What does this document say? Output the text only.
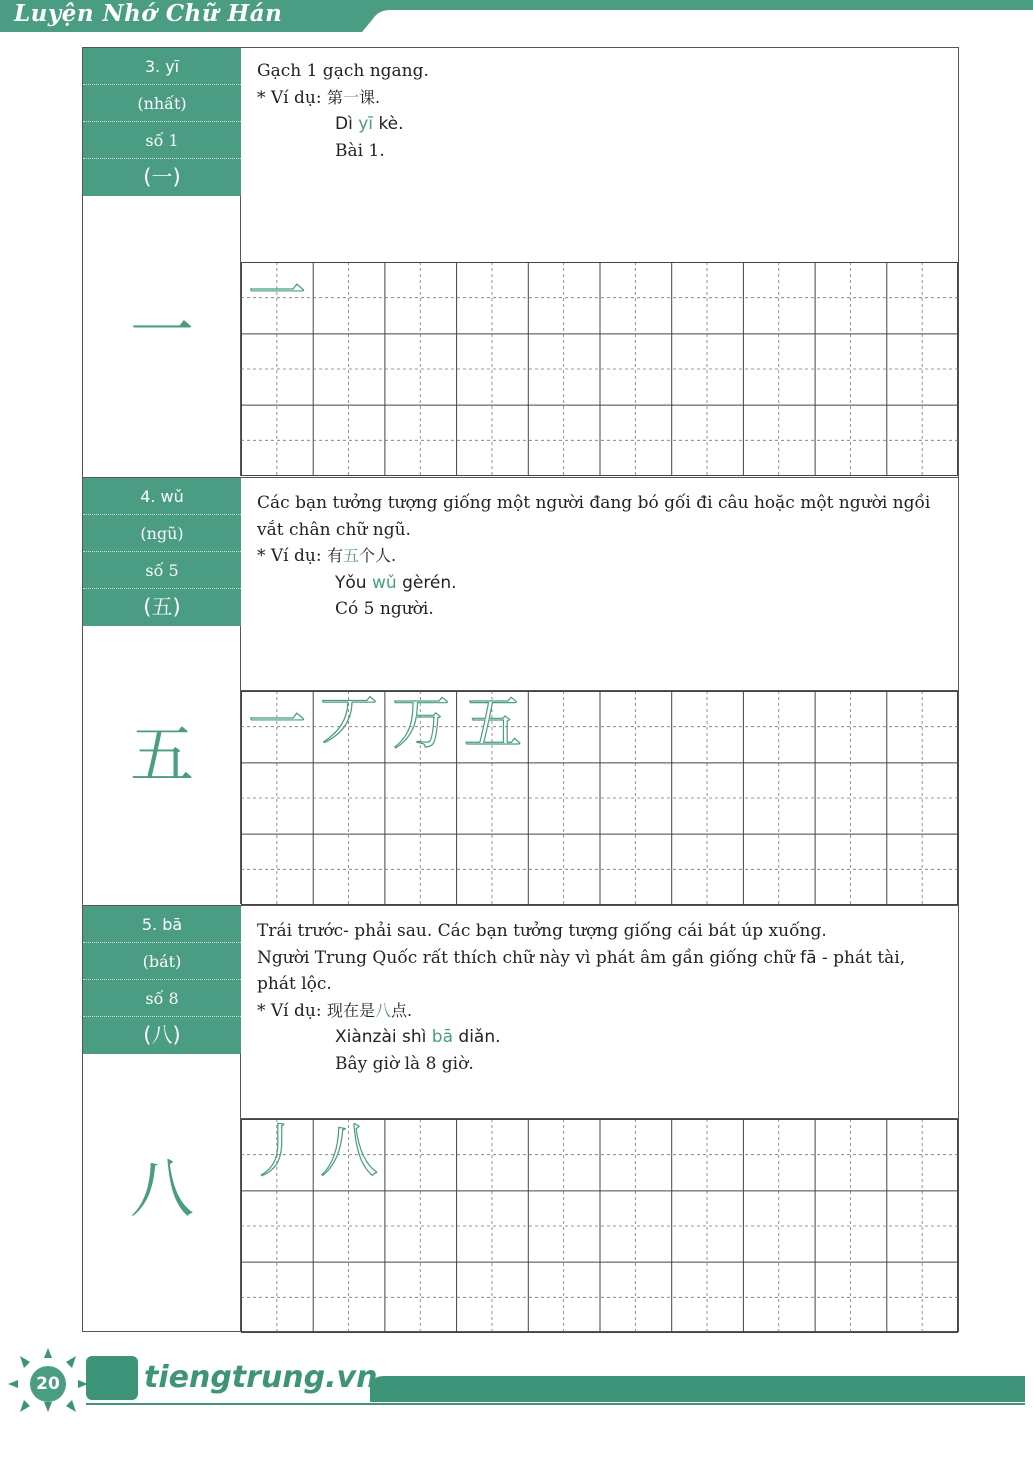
Luyện Nhớ Chữ Hán
3. yī
(nhất)
số 1
(一)
一
Gạch 1 gạch ngang.
* Ví dụ: 第一课.
Dì yī kè.
Bài 1.
一
4. wǔ
(ngũ)
số 5
(五)
五
Các bạn tưởng tượng giống một người đang bó gối đi câu hoặc một người ngồi
vắt chân chữ ngũ.
* Ví dụ: 有五个人.
Yǒu wǔ gèrén.
Có 5 người.
一 丆 万 五
5. bā
(bát)
số 8
(八)
八
Trái trước- phải sau. Các bạn tưởng tượng giống cái bát úp xuống.
Người Trung Quốc rất thích chữ này vì phát âm gần giống chữ fā - phát tài,
phát lộc.
* Ví dụ: 现在是八点.
Xiànzài shì bā diǎn.
Bây giờ là 8 giờ.
丿 八
20	tiengtrung.vn
